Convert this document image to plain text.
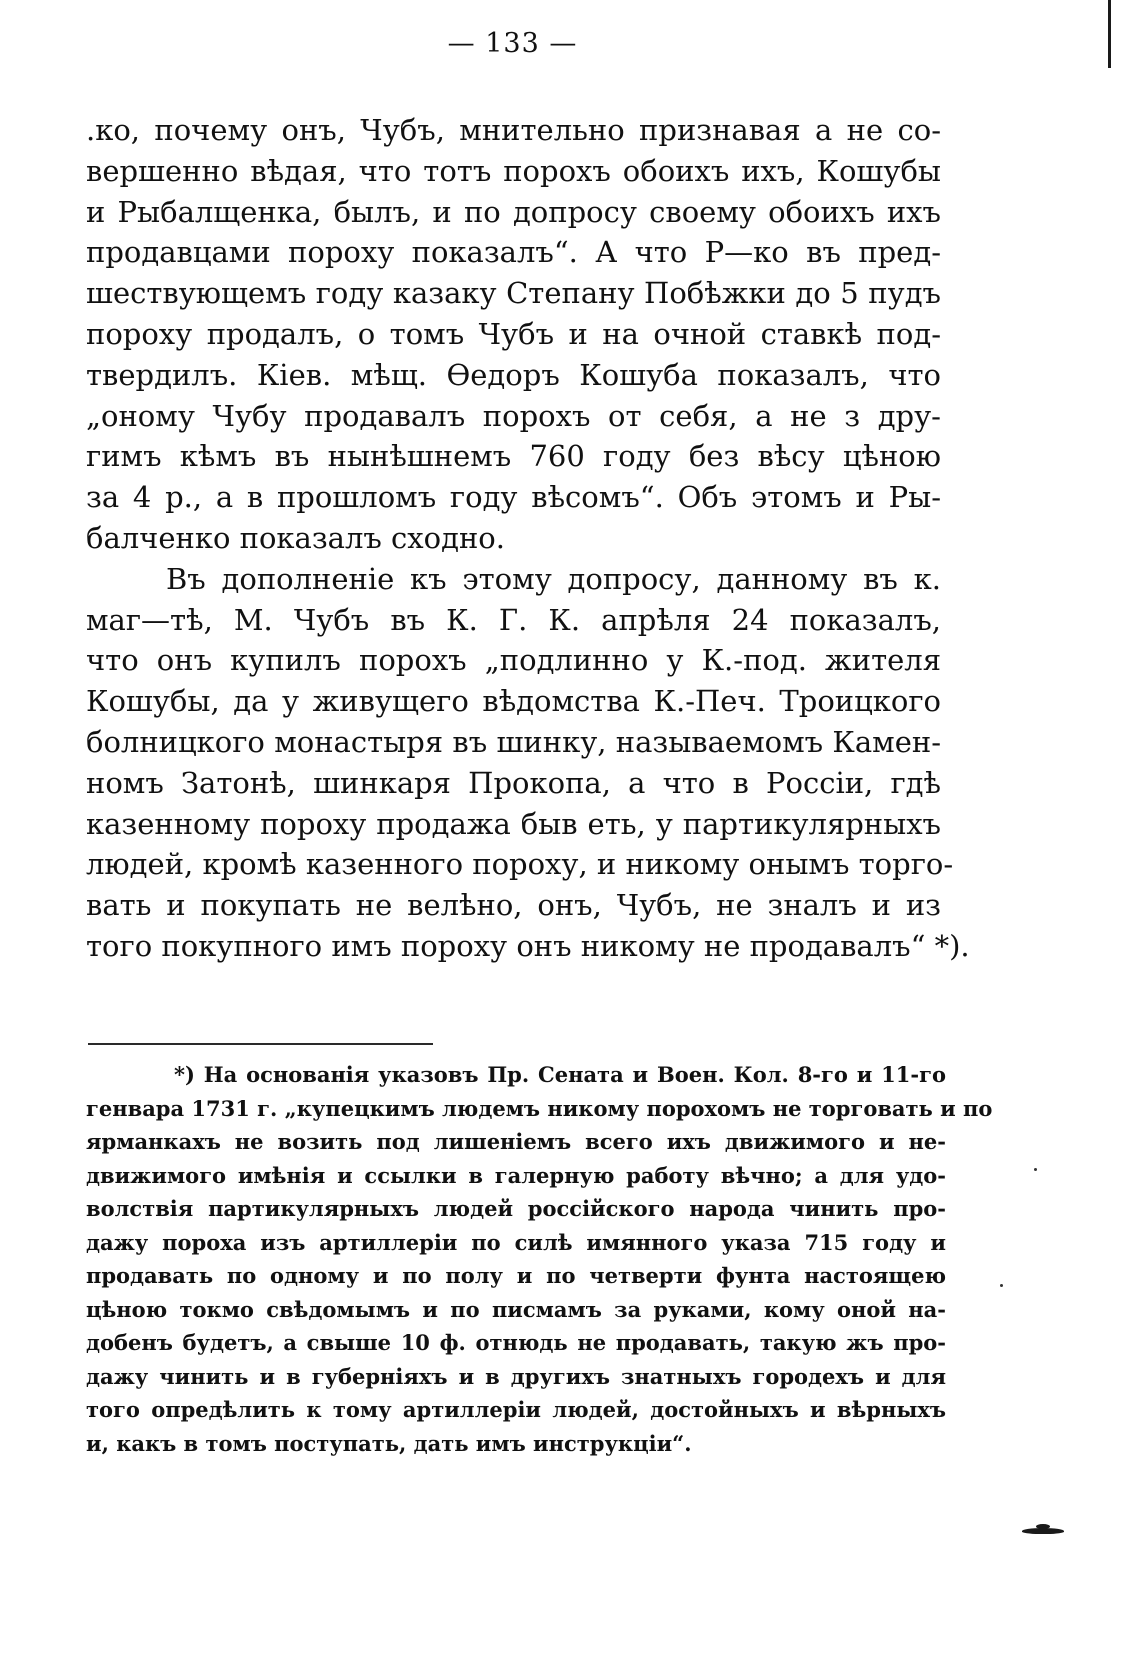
— 133 —
.ко, почему онъ, Чубъ, мнительно признавая а не со-
вершенно вѣдая, что тотъ порохъ обоихъ ихъ, Кошубы
и Рыбалщенка, былъ, и по допросу своему обоихъ ихъ
продавцами пороху показалъ“. А что Р—ко въ пред-
шествующемъ году казаку Степану Побѣжки до 5 пудъ
пороху продалъ, о томъ Чубъ и на очной ставкѣ под-
твердилъ. Кіев. мѣщ. Өедоръ Кошуба показалъ, что
„оному Чубу продавалъ порохъ от себя, а не з дру-
гимъ кѣмъ въ нынѣшнемъ 760 году без вѣсу цѣною
за 4 р., а в прошломъ году вѣсомъ“. Объ этомъ и Ры-
балченко показалъ сходно.
Въ дополненіе къ этому допросу, данному въ к.
маг—тѣ, М. Чубъ въ К. Г. К. апрѣля 24 показалъ,
что онъ купилъ порохъ „подлинно у К.-под. жителя
Кошубы, да у живущего вѣдомства К.-Печ. Троицкого
болницкого монастыря въ шинку, называемомъ Камен-
номъ Затонѣ, шинкаря Прокопа, а что в Россіи, гдѣ
казенному пороху продажа быв еть, у партикулярныхъ
людей, кромѣ казенного пороху, и никому онымъ торго-
вать и покупать не велѣно, онъ, Чубъ, не зналъ и из
того покупного имъ пороху онъ никому не продавалъ“ *).
*) На основанія указовъ Пр. Сената и Воен. Кол. 8-го и 11-го
генвара 1731 г. „купецкимъ людемъ никому порохомъ не торговать и по
ярманкахъ не возить под лишеніемъ всего ихъ движимого и не-
движимого имѣнія и ссылки в галерную работу вѣчно; а для удо-
волствія партикулярныхъ людей россійского народа чинить про-
дажу пороха изъ артиллеріи по силѣ имянного указа 715 году и
продавать по одному и по полу и по четверти фунта настоящею
цѣною токмо свѣдомымъ и по писмамъ за руками, кому оной на-
добенъ будетъ, а свыше 10 ф. отнюдь не продавать, такую жъ про-
дажу чинить и в губерніяхъ и в другихъ знатныхъ городехъ и для
того опредѣлить к тому артиллеріи людей, достойныхъ и вѣрныхъ
и, какъ в томъ поступать, дать имъ инструкціи“.
